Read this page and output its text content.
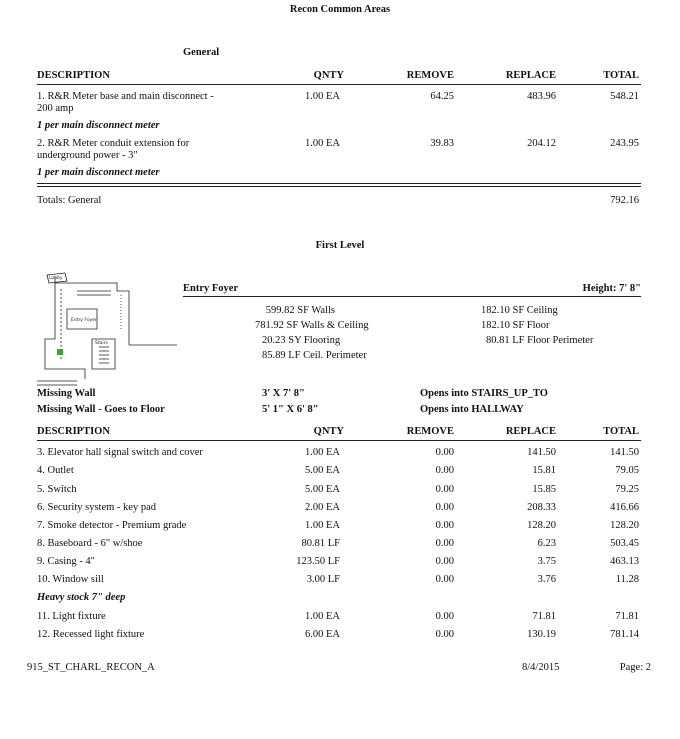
Recon Common Areas
General
DESCRIPTION	QNTY	REMOVE	REPLACE	TOTAL
1. R&R Meter base and main disconnect -
200 amp
1.00 EA	64.25	483.96	548.21
1 per main disconnect meter
2. R&R Meter conduit extension for
underground power - 3"
1.00 EA	39.83	204.12	243.95
1 per main disconnect meter
Totals: General	792.16
First Level
Lobby
Entry Foyer
Stairs
Entry Foyer	Height: 7' 8"
599.82 SF Walls
781.92 SF Walls & Ceiling
20.23 SY Flooring
85.89 LF Ceil. Perimeter
182.10 SF Ceiling
182.10 SF Floor
80.81 LF Floor Perimeter
Missing Wall	3' X 7' 8"	Opens into STAIRS_UP_TO
Missing Wall - Goes to Floor	5' 1" X 6' 8"	Opens into HALLWAY
DESCRIPTION	QNTY	REMOVE	REPLACE	TOTAL
3. Elevator hall signal switch and cover	1.00 EA	0.00	141.50	141.50
4. Outlet	5.00 EA	0.00	15.81	79.05
5. Switch	5.00 EA	0.00	15.85	79.25
6. Security system - key pad	2.00 EA	0.00	208.33	416.66
7. Smoke detector - Premium grade	1.00 EA	0.00	128.20	128.20
8. Baseboard - 6" w/shoe	80.81 LF	0.00	6.23	503.45
9. Casing - 4"	123.50 LF	0.00	3.75	463.13
10. Window sill	3.00 LF	0.00	3.76	11.28
Heavy stock 7" deep
11. Light fixture	1.00 EA	0.00	71.81	71.81
12. Recessed light fixture	6.00 EA	0.00	130.19	781.14
915_ST_CHARL_RECON_A	8/4/2015	Page: 2
